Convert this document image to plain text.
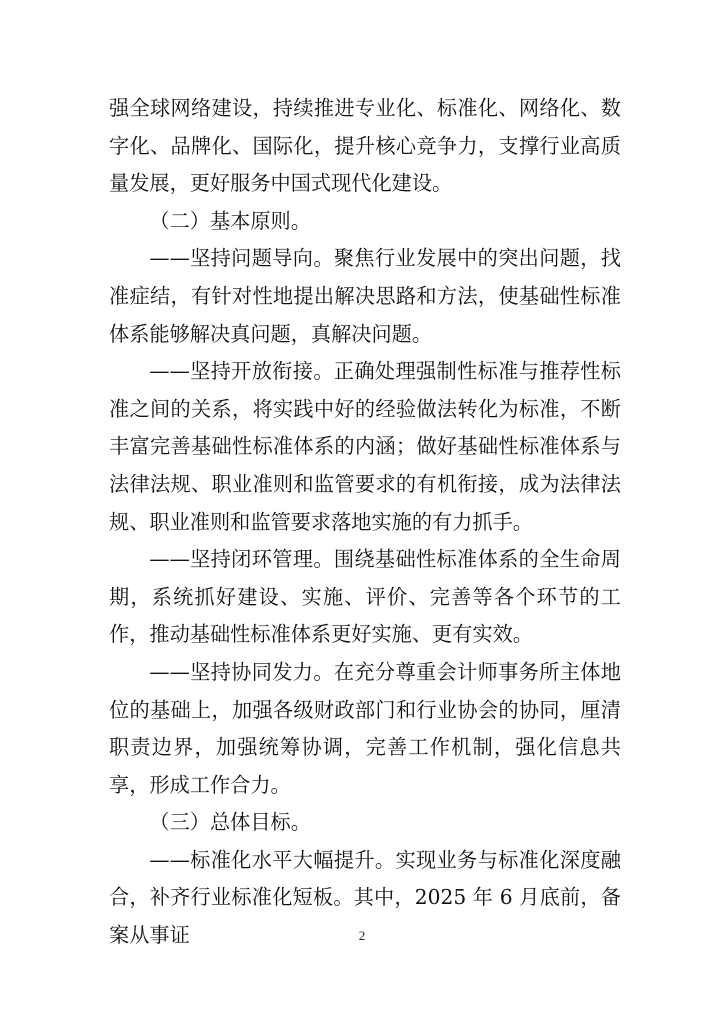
强全球网络建设，持续推进专业化、标准化、网络化、数字化、品牌化、国际化，提升核心竞争力，支撑行业高质量发展，更好服务中国式现代化建设。

（二）基本原则。

——坚持问题导向。聚焦行业发展中的突出问题，找准症结，有针对性地提出解决思路和方法，使基础性标准体系能够解决真问题，真解决问题。

——坚持开放衔接。正确处理强制性标准与推荐性标准之间的关系，将实践中好的经验做法转化为标准，不断丰富完善基础性标准体系的内涵；做好基础性标准体系与法律法规、职业准则和监管要求的有机衔接，成为法律法规、职业准则和监管要求落地实施的有力抓手。

——坚持闭环管理。围绕基础性标准体系的全生命周期，系统抓好建设、实施、评价、完善等各个环节的工作，推动基础性标准体系更好实施、更有实效。

——坚持协同发力。在充分尊重会计师事务所主体地位的基础上，加强各级财政部门和行业协会的协同，厘清职责边界，加强统筹协调，完善工作机制，强化信息共享，形成工作合力。

（三）总体目标。

——标准化水平大幅提升。实现业务与标准化深度融合，补齐行业标准化短板。其中，2025 年 6 月底前，备案从事证	2
